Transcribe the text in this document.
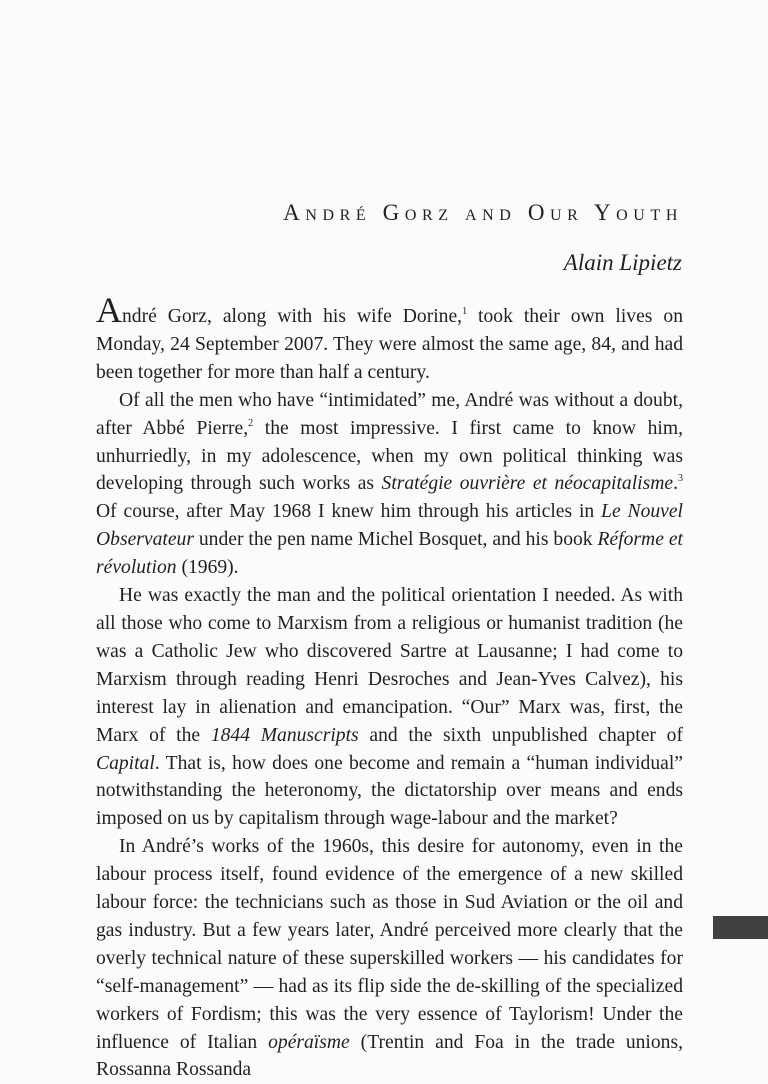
André Gorz and Our Youth
Alain Lipietz

André Gorz, along with his wife Dorine,$^1$ took their own lives on Monday, 24 September 2007. They were almost the same age, 84, and had been together for more than half a century.

Of all the men who have “intimidated” me, André was without a doubt, after Abbé Pierre,$^2$ the most impressive. I first came to know him, unhurriedly, in my adolescence, when my own political thinking was developing through such works as Stratégie ouvrière et néocapitalisme.$^3$ Of course, after May 1968 I knew him through his articles in Le Nouvel Observateur under the pen name Michel Bosquet, and his book Réforme et révolution (1969).

He was exactly the man and the political orientation I needed. As with all those who come to Marxism from a religious or humanist tradition (he was a Catholic Jew who discovered Sartre at Lausanne; I had come to Marxism through reading Henri Desroches and Jean-Yves Calvez), his interest lay in alienation and emancipation. “Our” Marx was, first, the Marx of the 1844 Manuscripts and the sixth unpublished chapter of Capital. That is, how does one become and remain a “human individual” notwithstanding the heteronomy, the dictatorship over means and ends imposed on us by capitalism through wage-labour and the market?

In André’s works of the 1960s, this desire for autonomy, even in the labour process itself, found evidence of the emergence of a new skilled labour force: the technicians such as those in Sud Aviation or the oil and gas industry. But a few years later, André perceived more clearly that the overly technical nature of these superskilled workers — his candidates for “self-management” — had as its flip side the de-skilling of the specialized workers of Fordism; this was the very essence of Taylorism! Under the influence of Italian opéraïsme (Trentin and Foa in the trade unions, Rossanna Rossanda
